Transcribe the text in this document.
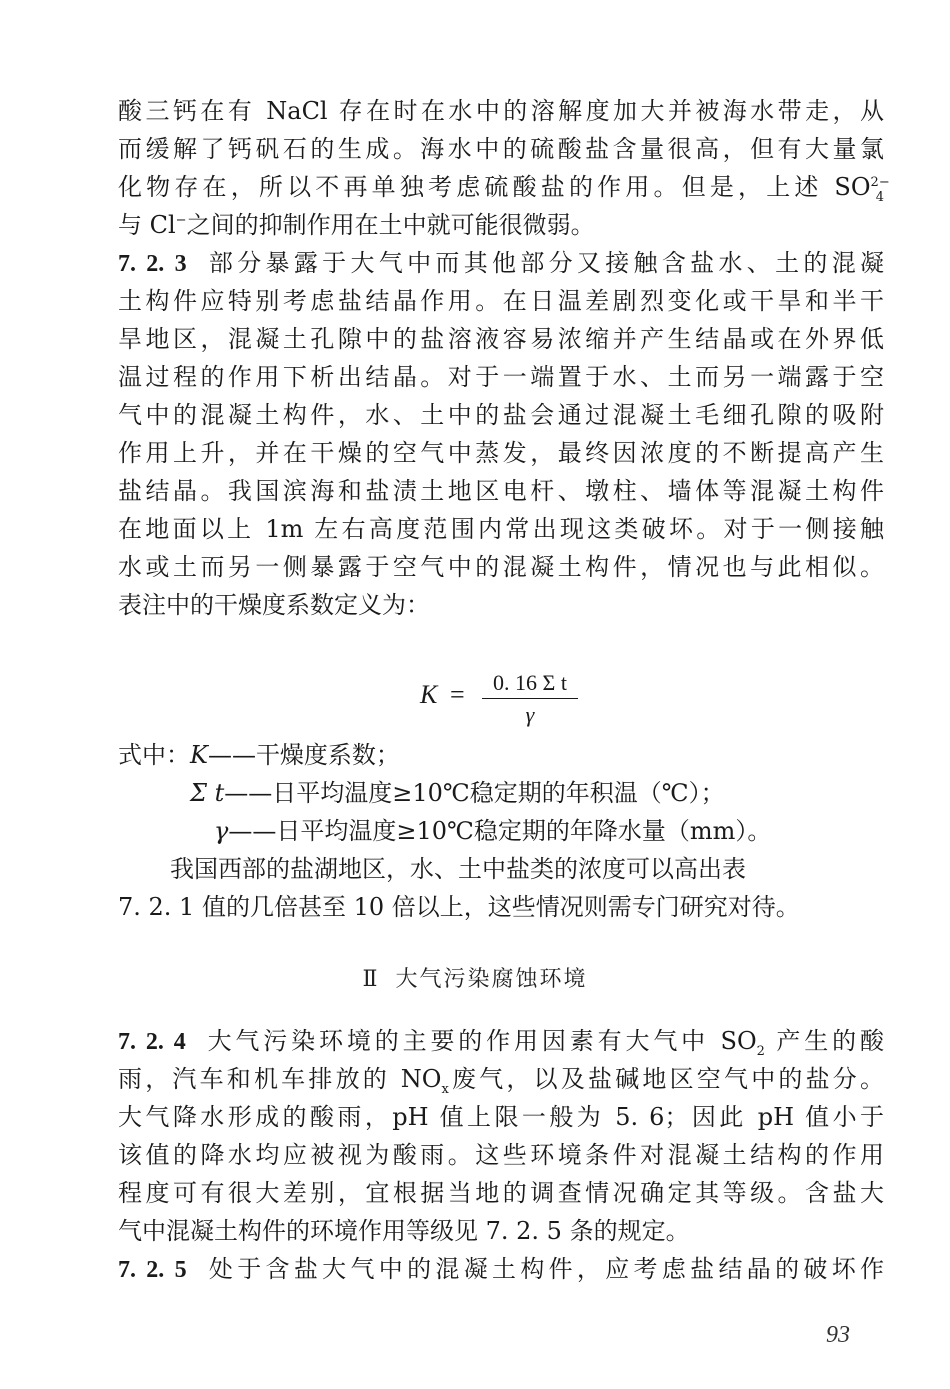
酸三钙在有 NaCl 存在时在水中的溶解度加大并被海水带走，从
而缓解了钙矾石的生成。海水中的硫酸盐含量很高，但有大量氯
化物存在，所以不再单独考虑硫酸盐的作用。但是，上述 $SO^{2-}_4$
与 Cl−之间的抑制作用在土中就可能很微弱。
7. 2. 3 部分暴露于大气中而其他部分又接触含盐水、土的混凝
土构件应特别考虑盐结晶作用。在日温差剧烈变化或干旱和半干
旱地区，混凝土孔隙中的盐溶液容易浓缩并产生结晶或在外界低
温过程的作用下析出结晶。对于一端置于水、土而另一端露于空
气中的混凝土构件，水、土中的盐会通过混凝土毛细孔隙的吸附
作用上升，并在干燥的空气中蒸发，最终因浓度的不断提高产生
盐结晶。我国滨海和盐渍土地区电杆、墩柱、墙体等混凝土构件
在地面以上 1m 左右高度范围内常出现这类破坏。对于一侧接触
水或土而另一侧暴露于空气中的混凝土构件，情况也与此相似。
表注中的干燥度系数定义为：
$K = \frac{\text{0. 16 Σ t}}{\gamma}$
式中：K——干燥度系数；
Σ t——日平均温度≥10℃稳定期的年积温（℃）；
γ——日平均温度≥10℃稳定期的年降水量（mm）。
我国西部的盐湖地区，水、土中盐类的浓度可以高出表
7. 2. 1 值的几倍甚至 10 倍以上，这些情况则需专门研究对待。
Ⅱ 大气污染腐蚀环境
7. 2. 4 大气污染环境的主要的作用因素有大气中 $SO_2$ 产生的酸
雨，汽车和机车排放的 $NO_x$废气，以及盐碱地区空气中的盐分。
大气降水形成的酸雨，pH 值上限一般为 5. 6；因此 pH 值小于
该值的降水均应被视为酸雨。这些环境条件对混凝土结构的作用
程度可有很大差别，宜根据当地的调查情况确定其等级。含盐大
气中混凝土构件的环境作用等级见 7. 2. 5 条的规定。
7. 2. 5 处于含盐大气中的混凝土构件，应考虑盐结晶的破坏作
93
